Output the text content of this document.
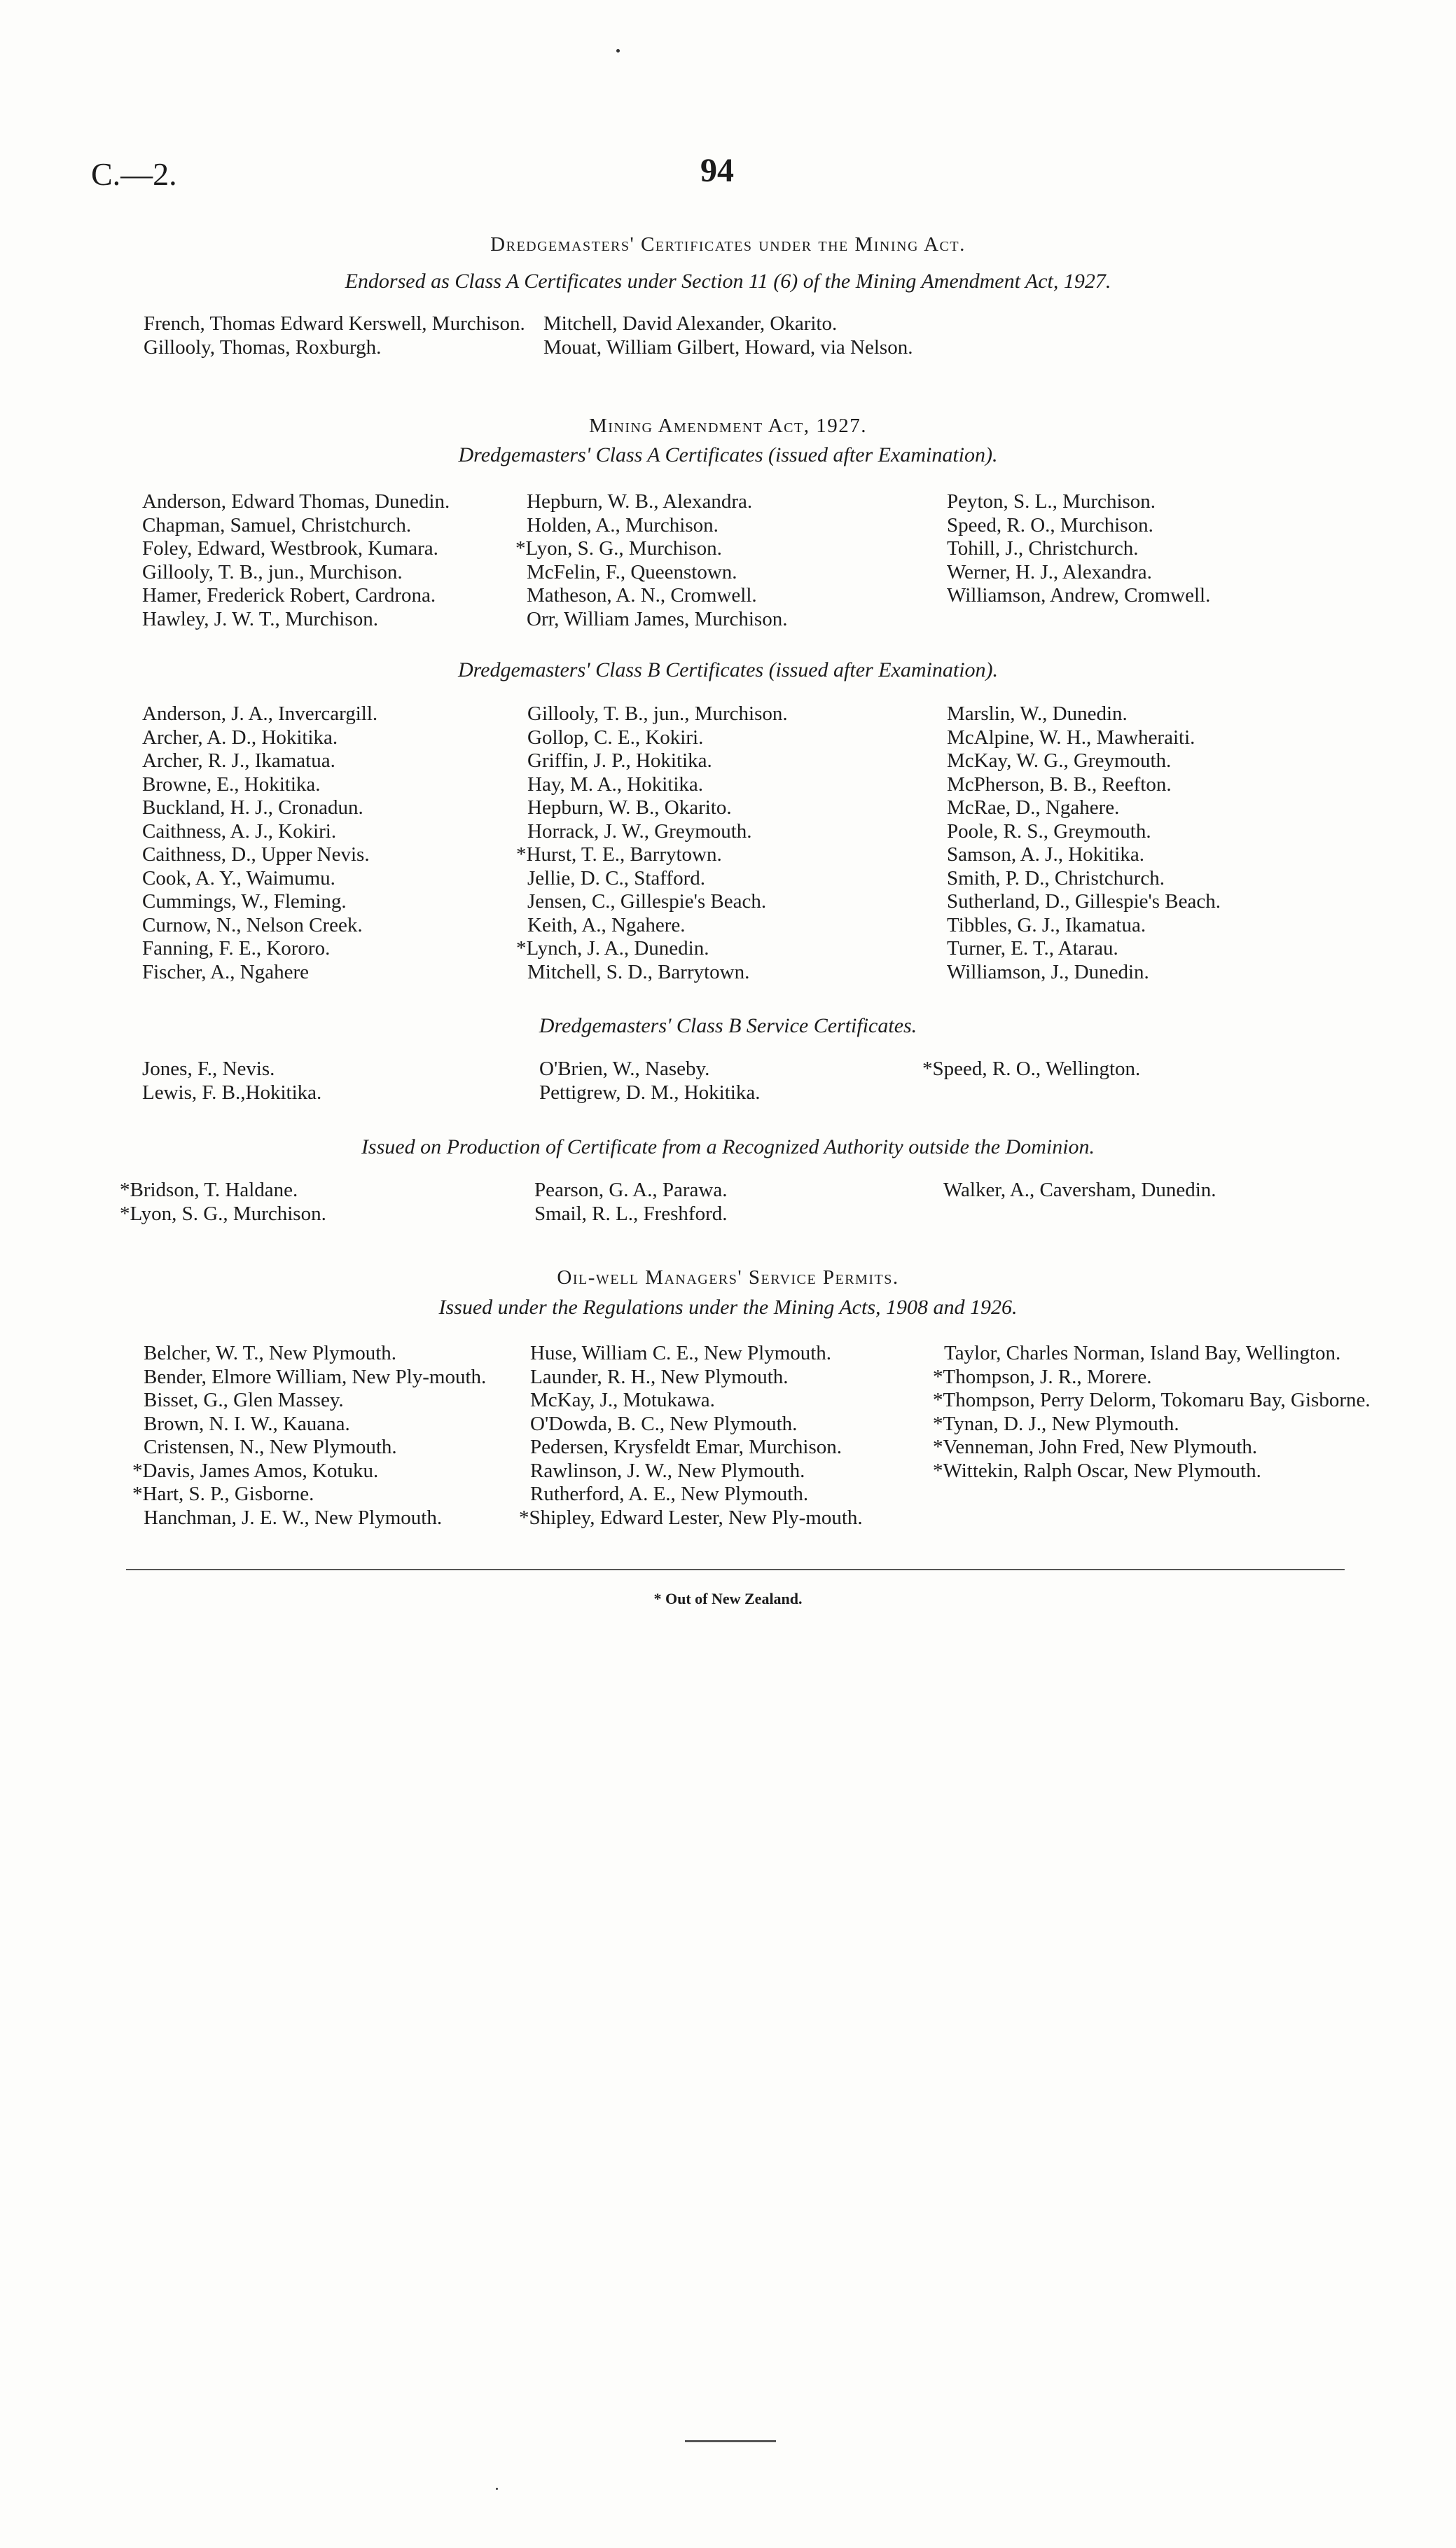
C.—2.	94
Dredgemasters' Certificates under the Mining Act.
Endorsed as Class A Certificates under Section 11 (6) of the Mining Amendment Act, 1927.
French, Thomas Edward Kerswell, Murchison.
Gillooly, Thomas, Roxburgh.
Mitchell, David Alexander, Okarito.
Mouat, William Gilbert, Howard, via Nelson.
Mining Amendment Act, 1927.
Dredgemasters' Class A Certificates (issued after Examination).
Anderson, Edward Thomas, Dunedin.
Chapman, Samuel, Christchurch.
Foley, Edward, Westbrook, Kumara.
Gillooly, T. B., jun., Murchison.
Hamer, Frederick Robert, Cardrona.
Hawley, J. W. T., Murchison.
Hepburn, W. B., Alexandra.
Holden, A., Murchison.
*Lyon, S. G., Murchison.
McFelin, F., Queenstown.
Matheson, A. N., Cromwell.
Orr, William James, Murchison.
Peyton, S. L., Murchison.
Speed, R. O., Murchison.
Tohill, J., Christchurch.
Werner, H. J., Alexandra.
Williamson, Andrew, Cromwell.
Dredgemasters' Class B Certificates (issued after Examination).
Anderson, J. A., Invercargill.
Archer, A. D., Hokitika.
Archer, R. J., Ikamatua.
Browne, E., Hokitika.
Buckland, H. J., Cronadun.
Caithness, A. J., Kokiri.
Caithness, D., Upper Nevis.
Cook, A. Y., Waimumu.
Cummings, W., Fleming.
Curnow, N., Nelson Creek.
Fanning, F. E., Kororo.
Fischer, A., Ngahere
Gillooly, T. B., jun., Murchison.
Gollop, C. E., Kokiri.
Griffin, J. P., Hokitika.
Hay, M. A., Hokitika.
Hepburn, W. B., Okarito.
Horrack, J. W., Greymouth.
*Hurst, T. E., Barrytown.
Jellie, D. C., Stafford.
Jensen, C., Gillespie's Beach.
Keith, A., Ngahere.
*Lynch, J. A., Dunedin.
Mitchell, S. D., Barrytown.
Marslin, W., Dunedin.
McAlpine, W. H., Mawheraiti.
McKay, W. G., Greymouth.
McPherson, B. B., Reefton.
McRae, D., Ngahere.
Poole, R. S., Greymouth.
Samson, A. J., Hokitika.
Smith, P. D., Christchurch.
Sutherland, D., Gillespie's Beach.
Tibbles, G. J., Ikamatua.
Turner, E. T., Atarau.
Williamson, J., Dunedin.
Dredgemasters' Class B Service Certificates.
Jones, F., Nevis.
Lewis, F. B.,Hokitika.
O'Brien, W., Naseby.
Pettigrew, D. M., Hokitika.
*Speed, R. O., Wellington.
Issued on Production of Certificate from a Recognized Authority outside the Dominion.
*Bridson, T. Haldane.
*Lyon, S. G., Murchison.
Pearson, G. A., Parawa.
Smail, R. L., Freshford.
Walker, A., Caversham, Dunedin.
Oil-well Managers' Service Permits.
Issued under the Regulations under the Mining Acts, 1908 and 1926.
Belcher, W. T., New Plymouth.
Bender, Elmore William, New Ply-mouth.
Bisset, G., Glen Massey.
Brown, N. I. W., Kauana.
Cristensen, N., New Plymouth.
*Davis, James Amos, Kotuku.
*Hart, S. P., Gisborne.
Hanchman, J. E. W., New Plymouth.
Huse, William C. E., New Plymouth.
Launder, R. H., New Plymouth.
McKay, J., Motukawa.
O'Dowda, B. C., New Plymouth.
Pedersen, Krysfeldt Emar, Murchison.
Rawlinson, J. W., New Plymouth.
Rutherford, A. E., New Plymouth.
*Shipley, Edward Lester, New Ply-mouth.
Taylor, Charles Norman, Island Bay, Wellington.
*Thompson, J. R., Morere.
*Thompson, Perry Delorm, Tokomaru Bay, Gisborne.
*Tynan, D. J., New Plymouth.
*Venneman, John Fred, New Plymouth.
*Wittekin, Ralph Oscar, New Plymouth.
* Out of New Zealand.
